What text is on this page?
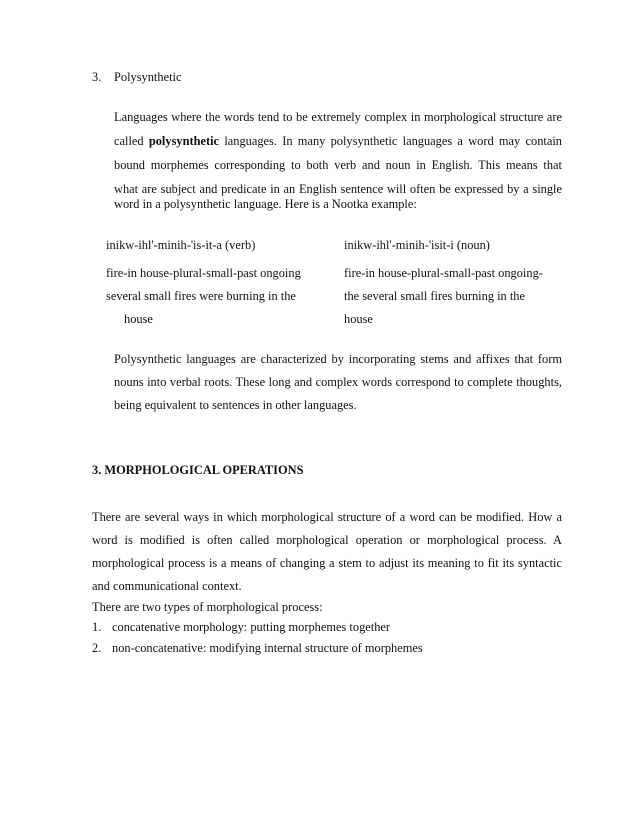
3. Polysynthetic
Languages where the words tend to be extremely complex in morphological structure are
called polysynthetic languages. In many polysynthetic languages a word may contain
bound morphemes corresponding to both verb and noun in English. This means that
what are subject and predicate in an English sentence will often be expressed by a single
word in a polysynthetic language. Here is a Nootka example:
inikw-ihl'-minih-'is-it-a (verb)	inikw-ihl'-minih-'isit-i (noun)
fire-in house-plural-small-past ongoing	fire-in house-plural-small-past ongoing-
several small fires were burning in the	the several small fires burning in the
house	house
Polysynthetic languages are characterized by incorporating stems and affixes that form
nouns into verbal roots. These long and complex words correspond to complete thoughts,
being equivalent to sentences in other languages.
3. MORPHOLOGICAL OPERATIONS
There are several ways in which morphological structure of a word can be modified. How a
word is modified is often called morphological operation or morphological process. A
morphological process is a means of changing a stem to adjust its meaning to fit its syntactic
and communicational context.
There are two types of morphological process:
1. concatenative morphology: putting morphemes together
2. non-concatenative: modifying internal structure of morphemes
